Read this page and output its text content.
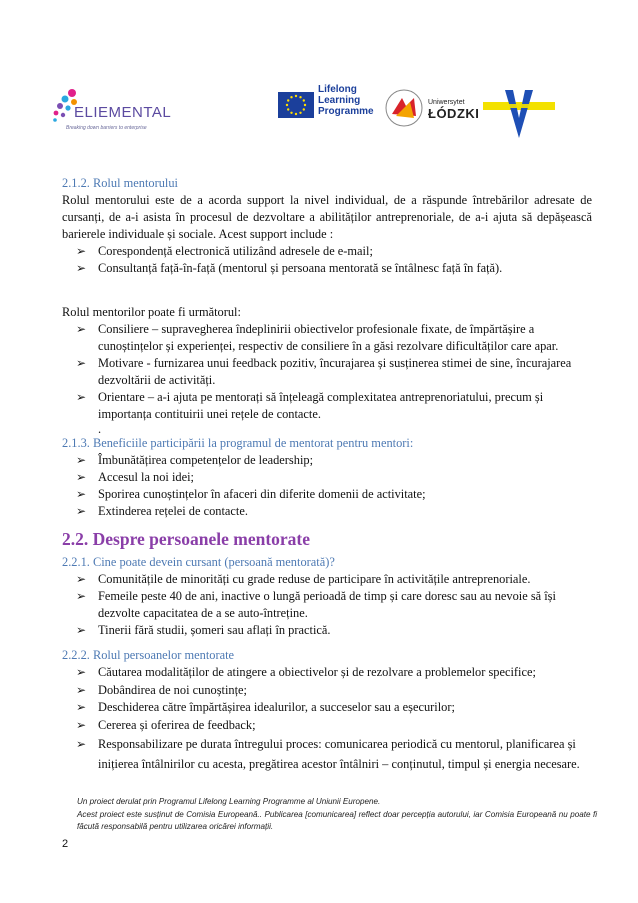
ELIEMENTAL
Breaking down barriers to enterprise
Lifelong
Learning
Programme
Uniwersytet
ŁÓDZKI
2.1.2. Rolul mentorului

Rolul mentorului este de a acorda support la nivel individual, de a răspunde întrebărilor adresate de cursanți, de a-i asista în procesul de dezvoltare a abilităților antreprenoriale, de a-i ajuta să depășească barierele individuale și sociale. Acest support include :

➢ Corespondență electronică utilizând adresele de e-mail;
➢ Consultanță față-în-față (mentorul și persoana mentorată se întâlnesc față în față).

Rolul mentorilor poate fi următorul:

➢ Consiliere – supravegherea îndeplinirii obiectivelor profesionale fixate, de împărtășire a cunoștințelor și experienței, respectiv de consiliere în a găsi rezolvare dificultăților care apar.
➢ Motivare - furnizarea unui feedback pozitiv, încurajarea și susținerea stimei de sine, încurajarea dezvoltării de activități.
➢ Orientare – a-i ajuta pe mentorați să înțeleagă complexitatea antreprenoriatului, precum și importanța contituirii unei rețele de contacte.
.
2.1.3. Beneficiile participării la programul de mentorat pentru mentori:
➢ Îmbunătățirea competențelor de leadership;
➢ Accesul la noi idei;
➢ Sporirea cunoștințelor în afaceri din diferite domenii de activitate;
➢ Extinderea rețelei de contacte.
2.2. Despre persoanele mentorate
2.2.1. Cine poate devein cursant (persoană mentorată)?
➢ Comunitățile de minorități cu grade reduse de participare în activitățile antreprenoriale.
➢ Femeile peste 40 de ani, inactive o lungă perioadă de timp și care doresc sau au nevoie să își dezvolte capacitatea de a se auto-întreține.
➢ Tinerii fără studii, șomeri sau aflați în practică.
2.2.2. Rolul persoanelor mentorate
➢ Căutarea modalităților de atingere a obiectivelor și de rezolvare a problemelor specifice;
➢ Dobândirea de noi cunoștințe;
➢ Deschiderea către împărtășirea idealurilor, a succeselor sau a eșecurilor;
➢ Cererea și oferirea de feedback;
➢ Responsabilizare pe durata întregului proces: comunicarea periodică cu mentorul, planificarea și inițierea întâlnirilor cu acesta, pregătirea acestor întâlniri – conținutul, timpul și energia necesare.
Un proiect derulat prin Programul Lifelong Learning Programme al Uniunii Europene.
Acest proiect este susținut de Comisia Europeană.. Publicarea [comunicarea] reflect doar percepția autorului, iar Comisia Europeană nu poate fi făcută responsabilă pentru utilizarea oricărei informații.
2
